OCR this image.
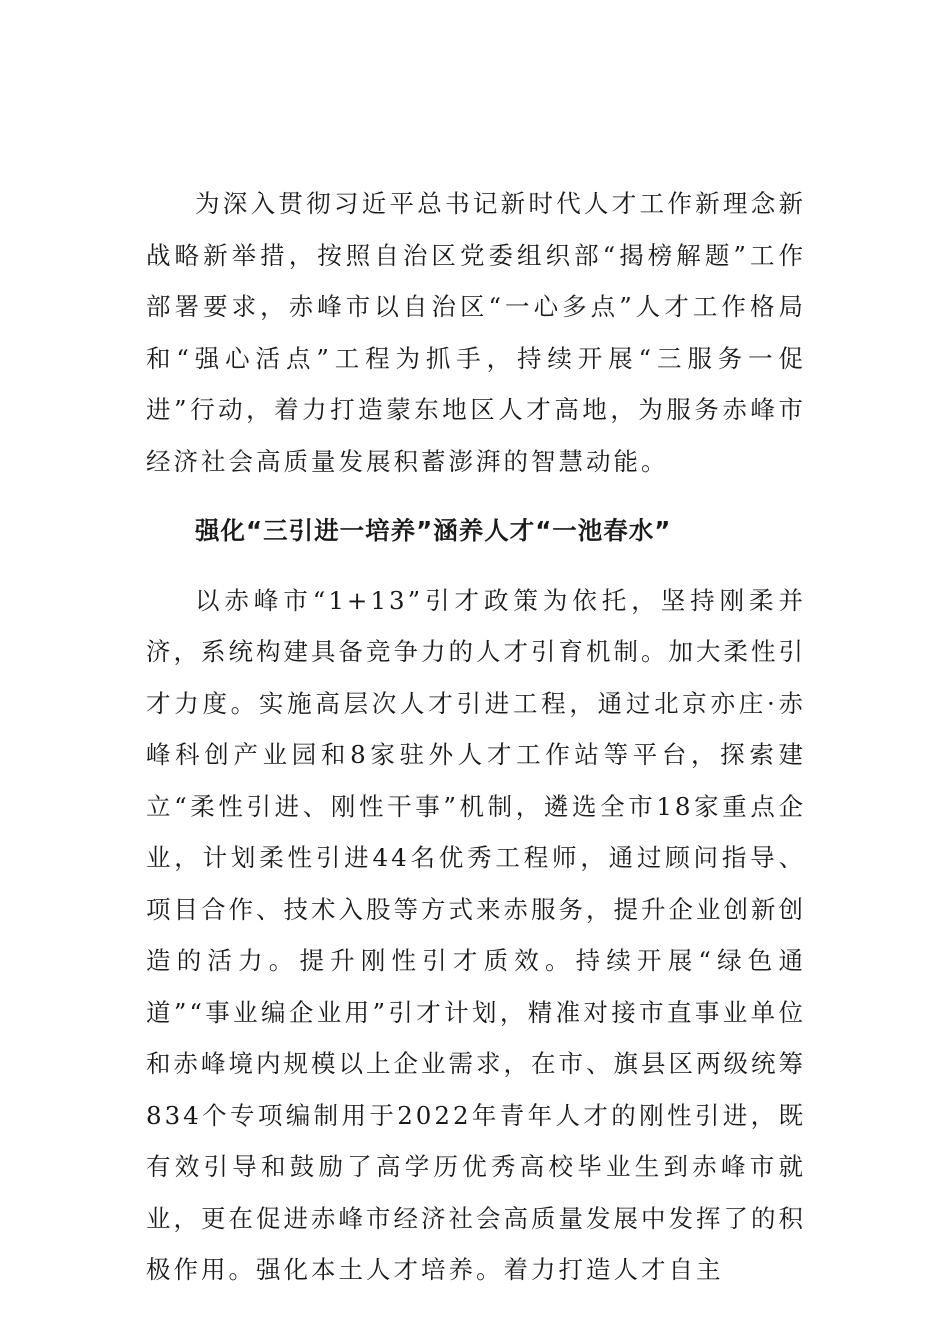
为深入贯彻习近平总书记新时代人才工作新理念新战略新举措，按照自治区党委组织部“揭榜解题”工作部署要求，赤峰市以自治区“一心多点”人才工作格局和“强心活点”工程为抓手，持续开展“三服务一促进”行动，着力打造蒙东地区人才高地，为服务赤峰市经济社会高质量发展积蓄澎湃的智慧动能。

强化“三引进一培养”涵养人才“一池春水”

以赤峰市“1+13”引才政策为依托，坚持刚柔并济，系统构建具备竞争力的人才引育机制。加大柔性引才力度。实施高层次人才引进工程，通过北京亦庄·赤峰科创产业园和8家驻外人才工作站等平台，探索建立“柔性引进、刚性干事”机制，遴选全市18家重点企业，计划柔性引进44名优秀工程师，通过顾问指导、项目合作、技术入股等方式来赤服务，提升企业创新创造的活力。提升刚性引才质效。持续开展“绿色通道”“事业编企业用”引才计划，精准对接市直事业单位和赤峰境内规模以上企业需求，在市、旗县区两级统筹834个专项编制用于2022年青年人才的刚性引进，既有效引导和鼓励了高学历优秀高校毕业生到赤峰市就业，更在促进赤峰市经济社会高质量发展中发挥了的积极作用。强化本土人才培养。着力打造人才自主
